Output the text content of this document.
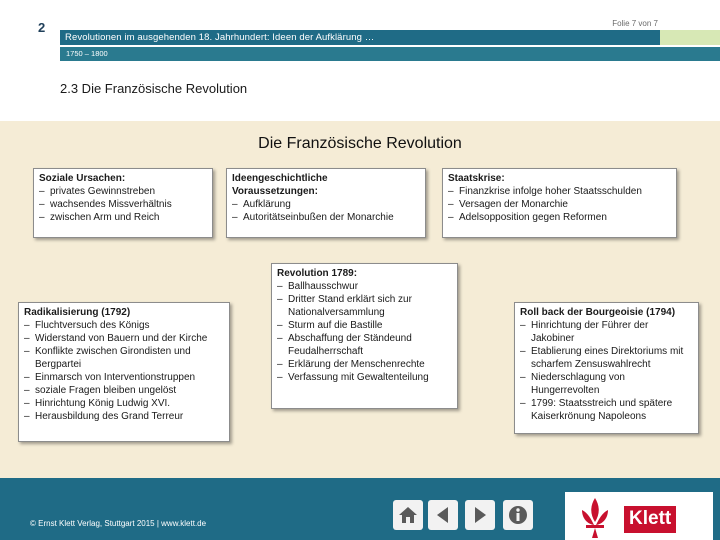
2	Folie 7 von 7
Revolutionen im ausgehenden 18. Jahrhundert: Ideen der Aufklärung …
1750 – 1800
2.3 Die Französische Revolution
Die Französische Revolution
Soziale Ursachen:
– privates Gewinnstreben
– wachsendes Missverhältnis
– zwischen Arm und Reich
Ideengeschichtliche
Voraussetzungen:
– Aufklärung
– Autoritätseinbußen der Monarchie
Staatskrise:
– Finanzkrise infolge hoher Staatsschulden
– Versagen der Monarchie
– Adelsopposition gegen Reformen
Revolution 1789:
– Ballhausschwur
– Dritter Stand erklärt sich zur Nationalversammlung
– Sturm auf die Bastille
– Abschaffung der Ständeund Feudalherrschaft
– Erklärung der Menschenrechte
– Verfassung mit Gewaltenteilung
Radikalisierung (1792)
– Fluchtversuch des Königs
– Widerstand von Bauern und der Kirche
– Konflikte zwischen Girondisten und Bergpartei
– Einmarsch von Interventionstruppen
– soziale Fragen bleiben ungelöst
– Hinrichtung König Ludwig XVI.
– Herausbildung des Grand Terreur
Roll back der Bourgeoisie (1794)
– Hinrichtung der Führer der Jakobiner
– Etablierung eines Direktoriums mit scharfem Zensuswahlrecht
– Niederschlagung von Hungerrevolten
– 1799: Staatsstreich und spätere Kaiserkrönung Napoleons
© Ernst Klett Verlag, Stuttgart 2015 | www.klett.de	Klett
